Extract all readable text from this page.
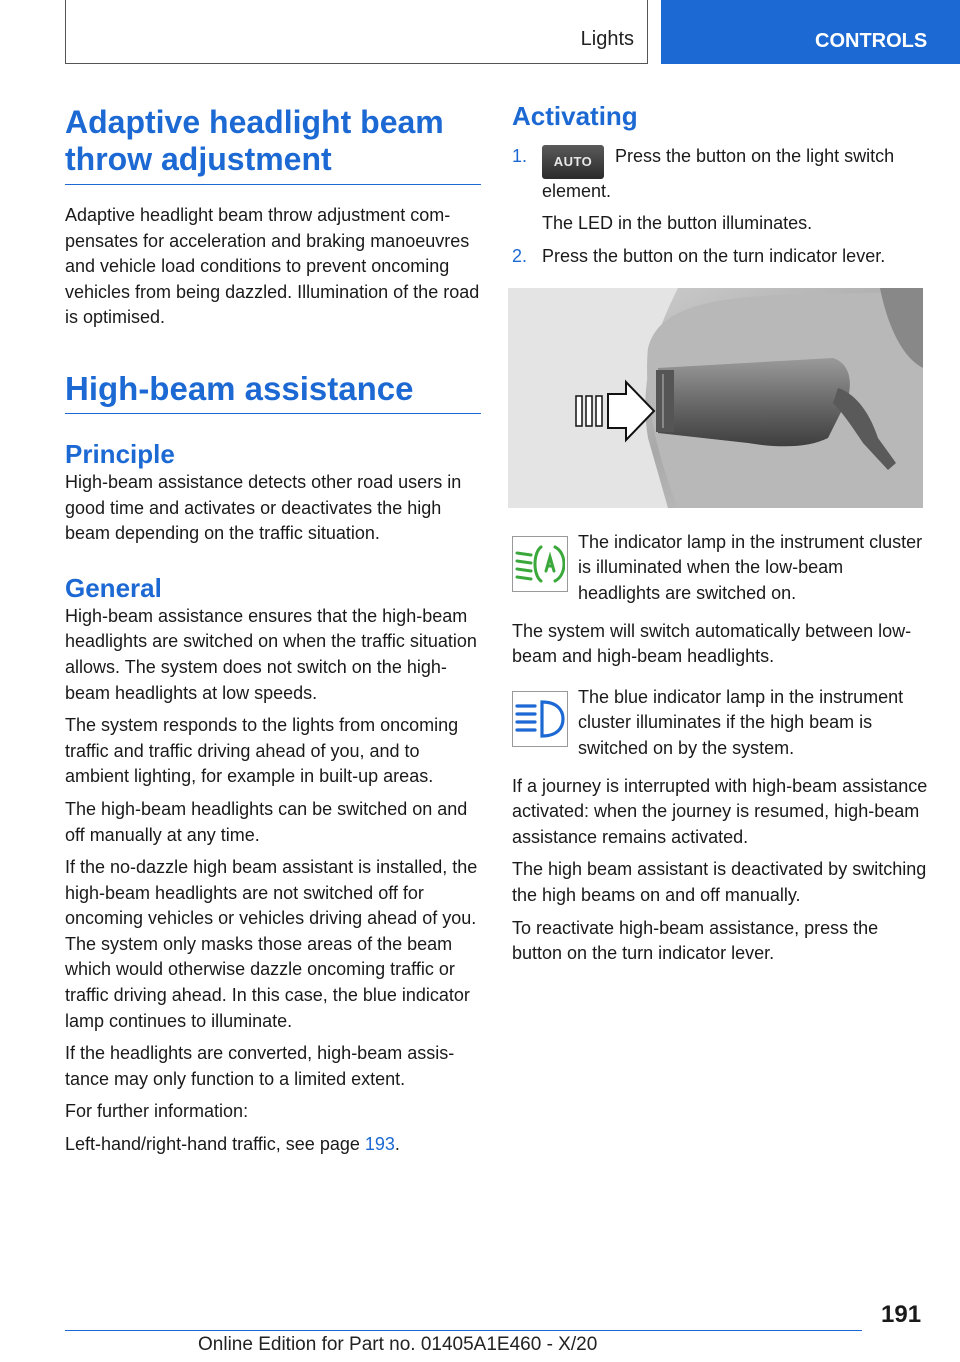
Lights	CONTROLS
Adaptive headlight beam throw adjustment

Adaptive headlight beam throw adjustment compensates for acceleration and braking manoeuvres and vehicle load conditions to prevent oncoming vehicles from being dazzled. Illumination of the road is optimised.

High-beam assistance
Principle

High-beam assistance detects other road users in good time and activates or deactivates the high beam depending on the traffic situation.

General

High-beam assistance ensures that the high-beam headlights are switched on when the traffic situation allows. The system does not switch on the high-beam headlights at low speeds.

The system responds to the lights from oncoming traffic and traffic driving ahead of you, and to ambient lighting, for example in built-up areas.

The high-beam headlights can be switched on and off manually at any time.

If the no-dazzle high beam assistant is installed, the high-beam headlights are not switched off for oncoming vehicles or vehicles driving ahead of you. The system only masks those areas of the beam which would otherwise dazzle oncoming traffic or traffic driving ahead. In this case, the blue indicator lamp continues to illuminate.

If the headlights are converted, high-beam assistance may only function to a limited extent.

For further information:

Left-hand/right-hand traffic, see page 193.

Activating
1. AUTO Press the button on the light switch element.
The LED in the button illuminates.
2. Press the button on the turn indicator lever.

The indicator lamp in the instrument cluster is illuminated when the low-beam headlights are switched on.

The system will switch automatically between low-beam and high-beam headlights.

The blue indicator lamp in the instrument cluster illuminates if the high beam is switched on by the system.

If a journey is interrupted with high-beam assistance activated: when the journey is resumed, high-beam assistance remains activated.

The high beam assistant is deactivated by switching the high beams on and off manually.

To reactivate high-beam assistance, press the button on the turn indicator lever.

191
Online Edition for Part no. 01405A1E460 - X/20
